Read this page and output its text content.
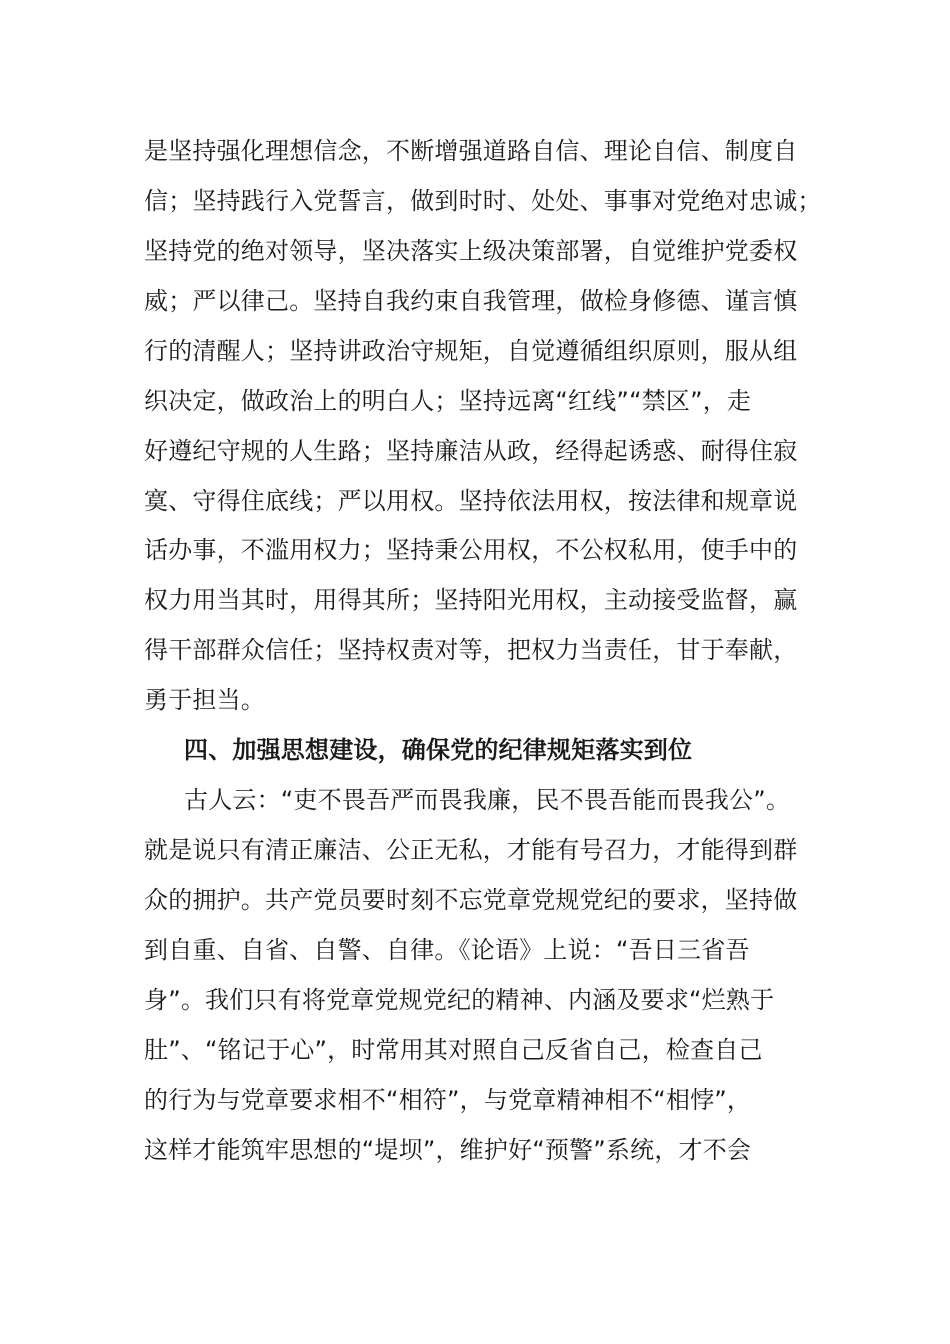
是坚持强化理想信念，不断增强道路自信、理论自信、制度自
信；坚持践行入党誓言，做到时时、处处、事事对党绝对忠诚；
坚持党的绝对领导，坚决落实上级决策部署，自觉维护党委权
威；严以律己。坚持自我约束自我管理，做检身修德、谨言慎
行的清醒人；坚持讲政治守规矩，自觉遵循组织原则，服从组
织决定，做政治上的明白人；坚持远离“红线”“禁区”，走
好遵纪守规的人生路；坚持廉洁从政，经得起诱惑、耐得住寂
寞、守得住底线；严以用权。坚持依法用权，按法律和规章说
话办事，不滥用权力；坚持秉公用权，不公权私用，使手中的
权力用当其时，用得其所；坚持阳光用权，主动接受监督，赢
得干部群众信任；坚持权责对等，把权力当责任，甘于奉献，
勇于担当。
四、加强思想建设，确保党的纪律规矩落实到位
古人云：“吏不畏吾严而畏我廉，民不畏吾能而畏我公”。
就是说只有清正廉洁、公正无私，才能有号召力，才能得到群
众的拥护。共产党员要时刻不忘党章党规党纪的要求，坚持做
到自重、自省、自警、自律。《论语》上说：“吾日三省吾
身”。我们只有将党章党规党纪的精神、内涵及要求“烂熟于
肚”、“铭记于心”，时常用其对照自己反省自己，检查自己
的行为与党章要求相不“相符”，与党章精神相不“相悖”，
这样才能筑牢思想的“堤坝”，维护好“预警”系统，才不会
